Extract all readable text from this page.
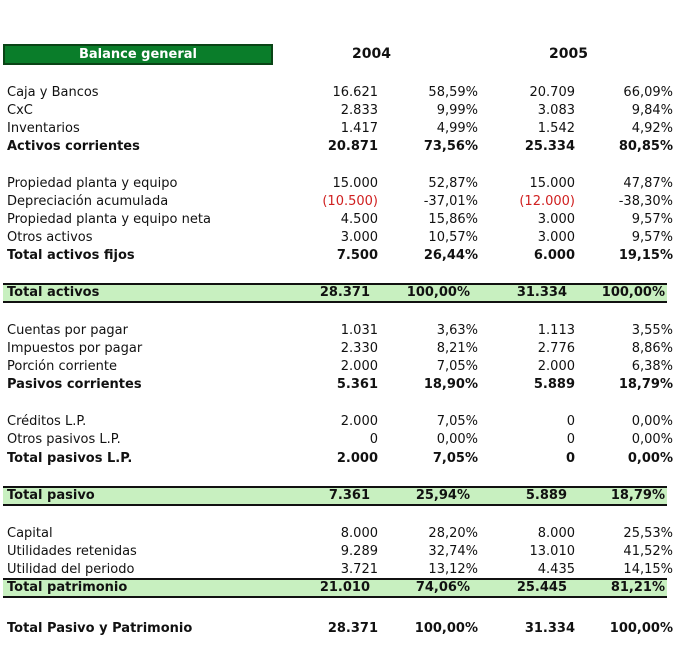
Balance general	2004	2005
Caja y Bancos	16.621	58,59%	20.709	66,09%
CxC	2.833	9,99%	3.083	9,84%
Inventarios	1.417	4,99%	1.542	4,92%
Activos corrientes	20.871	73,56%	25.334	80,85%
Propiedad planta y equipo	15.000	52,87%	15.000	47,87%
Depreciación acumulada	(10.500)	-37,01%	(12.000)	-38,30%
Propiedad planta y equipo neta	4.500	15,86%	3.000	9,57%
Otros activos	3.000	10,57%	3.000	9,57%
Total activos fijos	7.500	26,44%	6.000	19,15%
Total activos	28.371	100,00%	31.334	100,00%
Cuentas por pagar	1.031	3,63%	1.113	3,55%
Impuestos por pagar	2.330	8,21%	2.776	8,86%
Porción corriente	2.000	7,05%	2.000	6,38%
Pasivos corrientes	5.361	18,90%	5.889	18,79%
Créditos L.P.	2.000	7,05%	0	0,00%
Otros pasivos L.P.	0	0,00%	0	0,00%
Total pasivos L.P.	2.000	7,05%	0	0,00%
Total pasivo	7.361	25,94%	5.889	18,79%
Capital	8.000	28,20%	8.000	25,53%
Utilidades retenidas	9.289	32,74%	13.010	41,52%
Utilidad del periodo	3.721	13,12%	4.435	14,15%
Total patrimonio	21.010	74,06%	25.445	81,21%
Total Pasivo y Patrimonio	28.371	100,00%	31.334	100,00%
